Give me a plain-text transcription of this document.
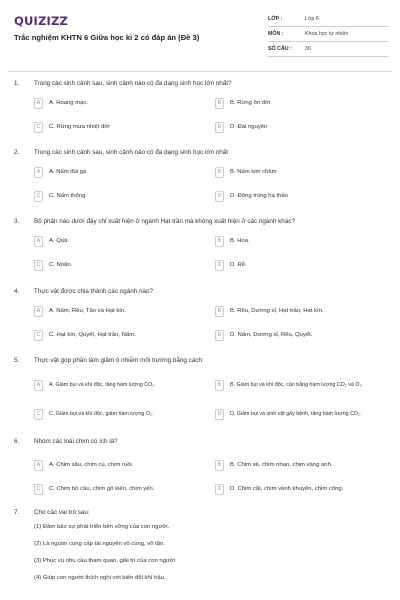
QUIZIZZ
Trắc nghiệm KHTN 6 Giữa học kì 2 có đáp án (Đề 3)
LỚP :	Lớp 6
MÔN :	Khoa học tự nhiên
SỐ CÂU :	30
1.	Trong các sinh cảnh sau, sinh cảnh nào có đa dạng sinh học lớn nhất?
A	A. Hoang mạc.	B	B. Rừng ôn đới
C	C. Rừng mưa nhiệt đới	D	D. Đài nguyên
2.	Trong các sinh cảnh sau, sinh cảnh nào có đa dạng sinh học lớn nhất
A	A. Nấm đùi gà	B	B. Nấm kim châm
C	C. Nấm thông	D	D. Đông trùng hạ thảo
3.	Bộ phận nào dưới đây chỉ xuất hiện ở ngành Hạt trần mà không xuất hiện ở các ngành khác?
A	A. Quả.	B	B. Hoa.
C	C. Noãn.	D	D. Rễ.
4.	Thực vật được chia thành các ngành nào?
A	A. Nấm, Rêu, Tảo và Hạt kín.	B	B. Rêu, Dương xỉ, Hạt trần, Hạt kín.
C	C. Hạt kín, Quyết, Hạt trần, Nấm.	D	D. Nấm, Dương xỉ, Rêu, Quyết.
5.	Thực vật góp phần làm giảm ô nhiễm môi trường bằng cách:
A	A. Giảm bụi và khí độc, tăng hàm lượng CO₂.	B	B. Giảm bụi và khí độc, cân bằng hàm lượng CO₂ và O₂.
C	C. Giảm bụi và khí độc, giảm hàm lượng O₂.	D	D. Giảm bụi và sinh vật gây bệnh, tăng hàm lượng CO₂.
6.	Nhóm các loài chim có ích là?
A	A. Chim sâu, chim cú, chim ruồi.	B	B. Chim sẻ, chim nhạn, chim vàng anh.
C	C. Chim bồ câu, chim gõ kiến, chim yến.	D	D. Chim cắt, chim vành khuyên, chim công.
7.	Cho các vai trò sau:
(1) Đảm bảo sự phát triển bền vững của con người.
(2) Là nguồn cung cấp tài nguyên vô cùng, vô tận.
(3) Phục vụ nhu cầu tham quan, giải trí của con người.
(4) Giúp con người thích nghi với biến đổi khí hậu.
